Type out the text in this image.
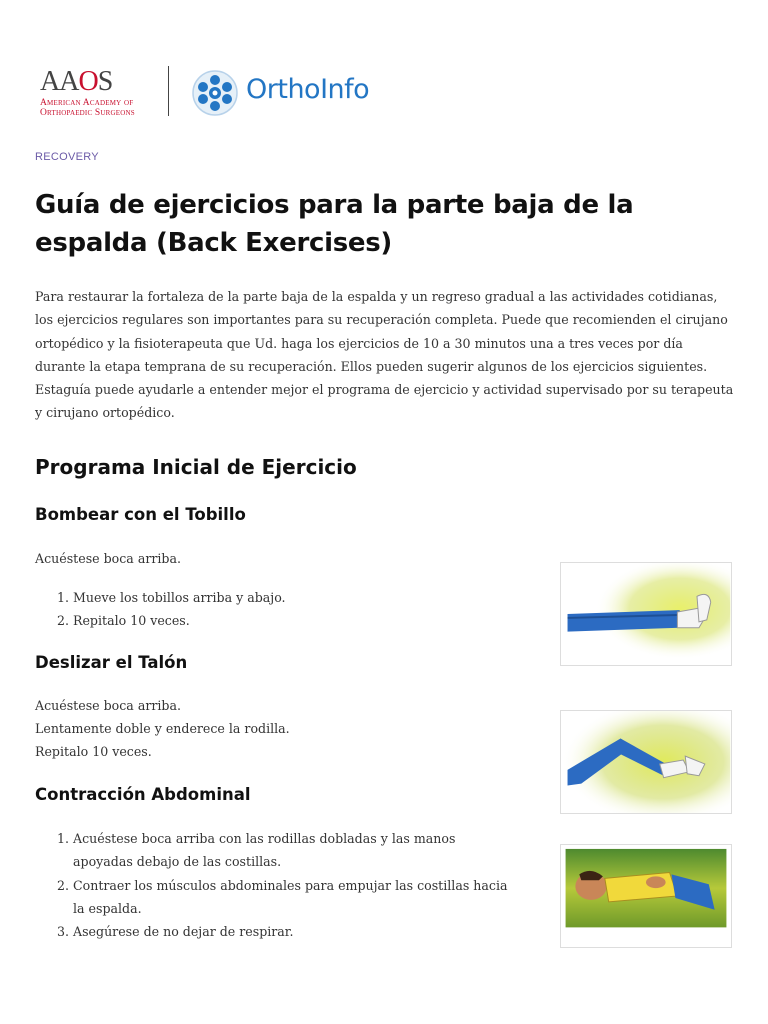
AAOS
American Academy of
Orthopaedic Surgeons
OrthoInfo
RECOVERY
Guía de ejercicios para la parte baja de la espalda (Back Exercises)

Para restaurar la fortaleza de la parte baja de la espalda y un regreso gradual a las actividades cotidianas, los ejercicios regulares son importantes para su recuperación completa. Puede que recomienden el cirujano ortopédico y la fisioterapeuta que Ud. haga los ejercicios de 10 a 30 minutos una a tres veces por día durante la etapa temprana de su recuperación. Ellos pueden sugerir algunos de los ejercicios siguientes. Estaguía puede ayudarle a entender mejor el programa de ejercicio y actividad supervisado por su terapeuta y cirujano ortopédico.

Programa Inicial de Ejercicio
Bombear con el Tobillo

Acuéstese boca arriba.

1. Mueve los tobillos arriba y abajo.
2. Repitalo 10 veces.
Deslizar el Talón

Acuéstese boca arriba.

Lentamente doble y enderece la rodilla.

Repitalo 10 veces.

Contracción Abdominal
1. Acuéstese boca arriba con las rodillas dobladas y las manos apoyadas debajo de las costillas.
2. Contraer los músculos abdominales para empujar las costillas hacia la espalda.
3. Asegúrese de no dejar de respirar.
